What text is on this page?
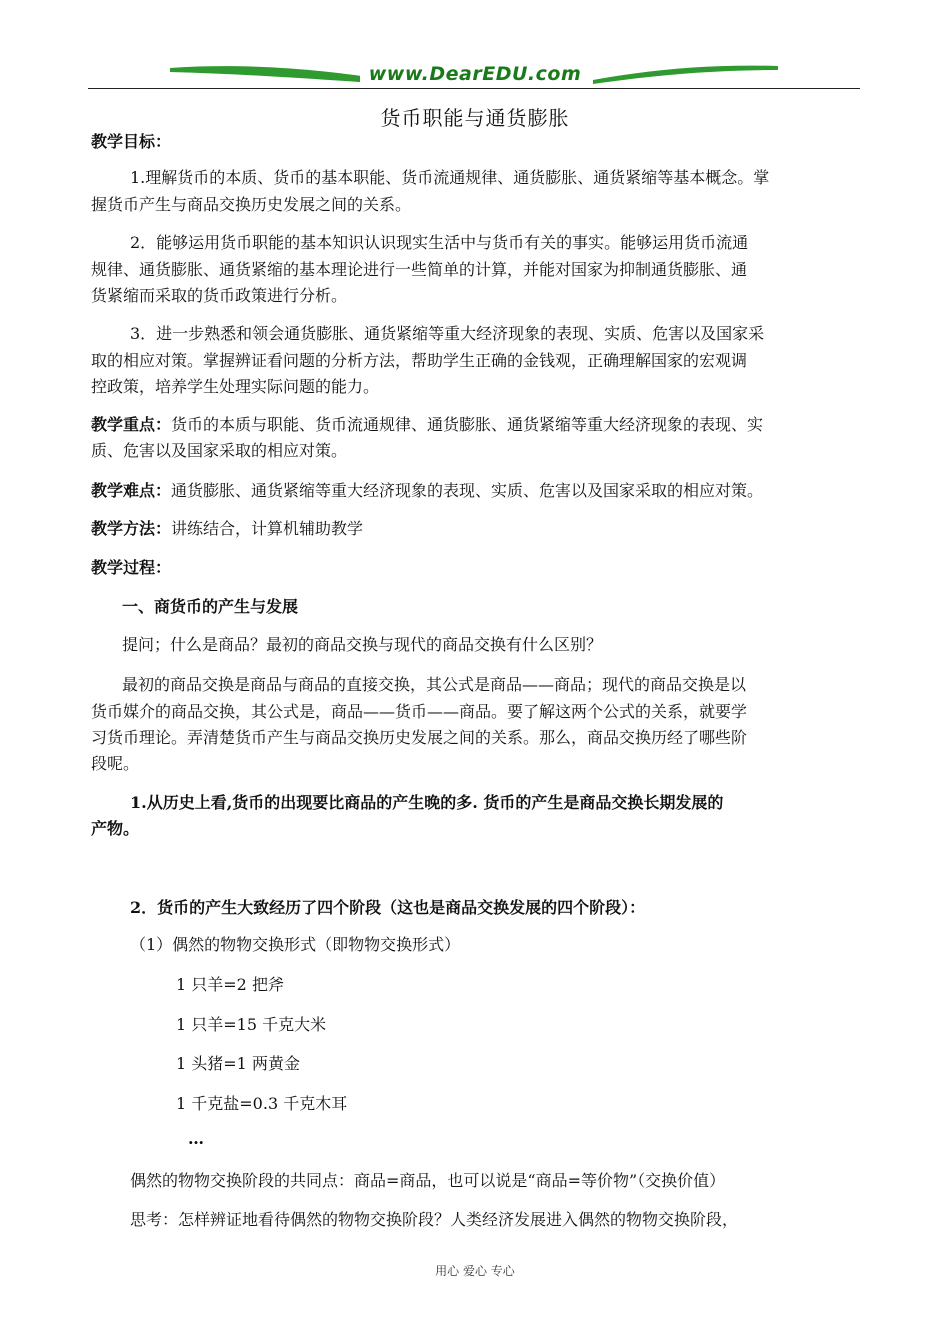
www.DearEDU.com
货币职能与通货膨胀
教学目标：
1.理解货币的本质、货币的基本职能、货币流通规律、通货膨胀、通货紧缩等基本概念。掌
握货币产生与商品交换历史发展之间的关系。
2．能够运用货币职能的基本知识认识现实生活中与货币有关的事实。能够运用货币流通
规律、通货膨胀、通货紧缩的基本理论进行一些简单的计算，并能对国家为抑制通货膨胀、通
货紧缩而采取的货币政策进行分析。
3．进一步熟悉和领会通货膨胀、通货紧缩等重大经济现象的表现、实质、危害以及国家采
取的相应对策。掌握辨证看问题的分析方法，帮助学生正确的金钱观，正确理解国家的宏观调
控政策，培养学生处理实际问题的能力。
教学重点：货币的本质与职能、货币流通规律、通货膨胀、通货紧缩等重大经济现象的表现、实
质、危害以及国家采取的相应对策。
教学难点：通货膨胀、通货紧缩等重大经济现象的表现、实质、危害以及国家采取的相应对策。
教学方法：讲练结合，计算机辅助教学
教学过程：
一、商货币的产生与发展
提问；什么是商品？最初的商品交换与现代的商品交换有什么区别？
最初的商品交换是商品与商品的直接交换，其公式是商品——商品；现代的商品交换是以
货币媒介的商品交换，其公式是，商品——货币——商品。要了解这两个公式的关系，就要学
习货币理论。弄清楚货币产生与商品交换历史发展之间的关系。那么，商品交换历经了哪些阶
段呢。
1.从历史上看,货币的出现要比商品的产生晚的多. 货币的产生是商品交换长期发展的
产物。
2．货币的产生大致经历了四个阶段（这也是商品交换发展的四个阶段）：
（1）偶然的物物交换形式（即物物交换形式）
1 只羊=2 把斧
1 只羊=15 千克大米
1 头猪=1 两黄金
1 千克盐=0.3 千克木耳
…
偶然的物物交换阶段的共同点：商品=商品，也可以说是“商品=等价物”（交换价值）
思考：怎样辨证地看待偶然的物物交换阶段？人类经济发展进入偶然的物物交换阶段，
用心 爱心 专心
